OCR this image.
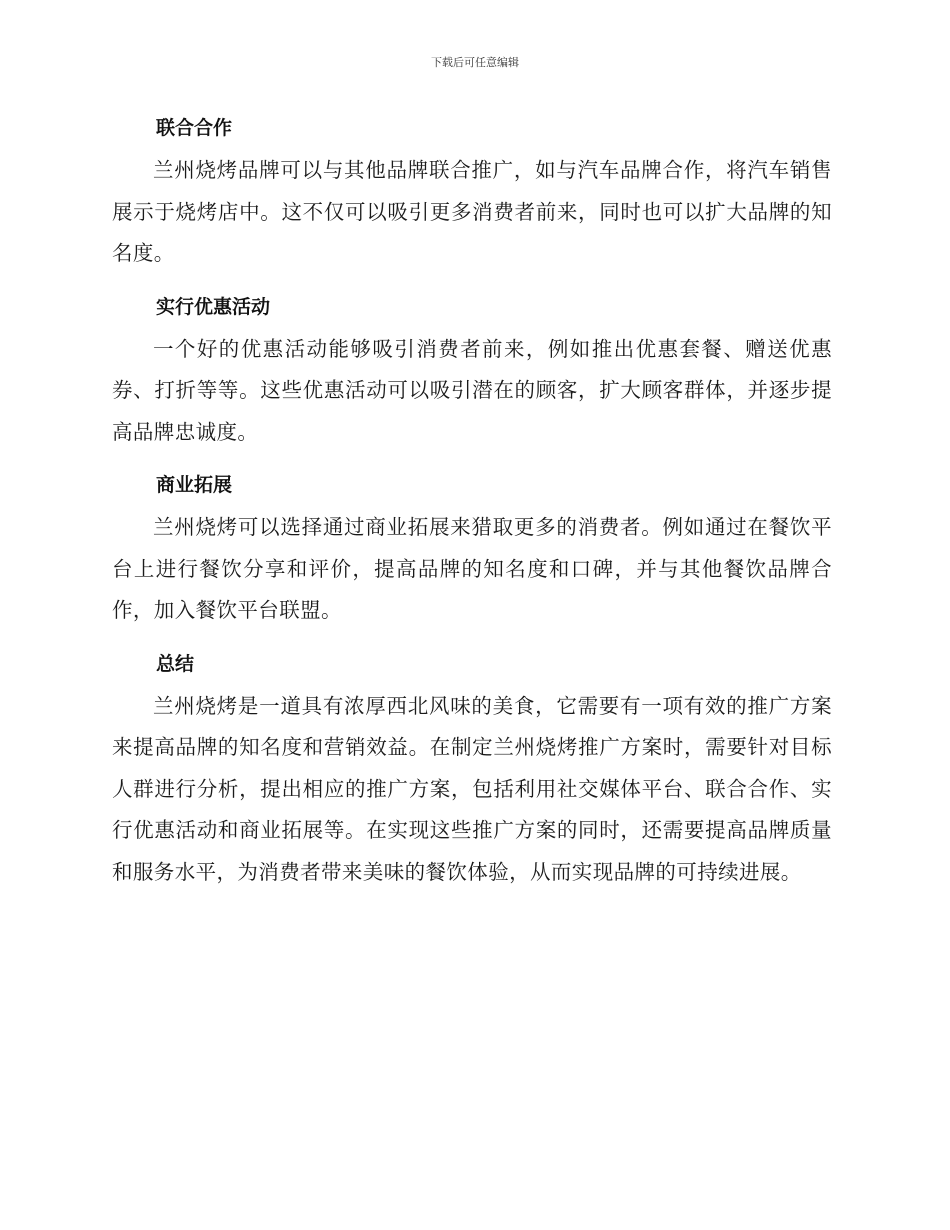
下载后可任意编辑
联合合作

兰州烧烤品牌可以与其他品牌联合推广，如与汽车品牌合作，将汽车销售展示于烧烤店中。这不仅可以吸引更多消费者前来，同时也可以扩大品牌的知名度。

实行优惠活动

一个好的优惠活动能够吸引消费者前来，例如推出优惠套餐、赠送优惠券、打折等等。这些优惠活动可以吸引潜在的顾客，扩大顾客群体，并逐步提高品牌忠诚度。

商业拓展

兰州烧烤可以选择通过商业拓展来猎取更多的消费者。例如通过在餐饮平台上进行餐饮分享和评价，提高品牌的知名度和口碑，并与其他餐饮品牌合作，加入餐饮平台联盟。

总结

兰州烧烤是一道具有浓厚西北风味的美食，它需要有一项有效的推广方案来提高品牌的知名度和营销效益。在制定兰州烧烤推广方案时，需要针对目标人群进行分析，提出相应的推广方案，包括利用社交媒体平台、联合合作、实行优惠活动和商业拓展等。在实现这些推广方案的同时，还需要提高品牌质量和服务水平，为消费者带来美味的餐饮体验，从而实现品牌的可持续进展。
